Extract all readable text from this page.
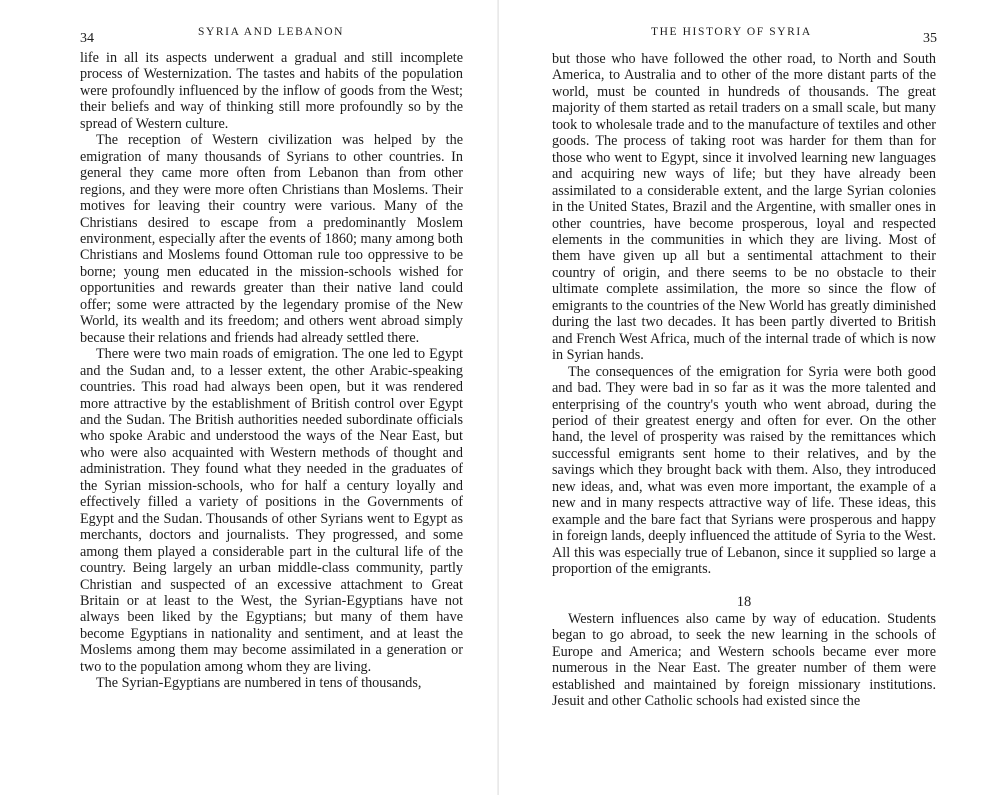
34	SYRIA AND LEBANON

life in all its aspects underwent a gradual and still incomplete process of Westernization. The tastes and habits of the population were profoundly influenced by the inflow of goods from the West; their beliefs and way of thinking still more profoundly so by the spread of Western culture.

The reception of Western civilization was helped by the emigration of many thousands of Syrians to other countries. In general they came more often from Lebanon than from other regions, and they were more often Christians than Moslems. Their motives for leaving their country were various. Many of the Christians desired to escape from a predominantly Moslem environment, especially after the events of 1860; many among both Christians and Moslems found Ottoman rule too oppressive to be borne; young men educated in the mission-schools wished for opportunities and rewards greater than their native land could offer; some were attracted by the legendary promise of the New World, its wealth and its freedom; and others went abroad simply because their relations and friends had already settled there.

There were two main roads of emigration. The one led to Egypt and the Sudan and, to a lesser extent, the other Arabic-speaking countries. This road had always been open, but it was rendered more attractive by the establishment of British control over Egypt and the Sudan. The British authorities needed subordinate officials who spoke Arabic and understood the ways of the Near East, but who were also acquainted with Western methods of thought and administration. They found what they needed in the graduates of the Syrian mission-schools, who for half a century loyally and effectively filled a variety of positions in the Governments of Egypt and the Sudan. Thousands of other Syrians went to Egypt as merchants, doctors and journalists. They progressed, and some among them played a considerable part in the cultural life of the country. Being largely an urban middle-class community, partly Christian and suspected of an excessive attachment to Great Britain or at least to the West, the Syrian-Egyptians have not always been liked by the Egyptians; but many of them have become Egyptians in nationality and sentiment, and at least the Moslems among them may become assimilated in a generation or two to the population among whom they are living.

The Syrian-Egyptians are numbered in tens of thousands,

THE HISTORY OF SYRIA	35

but those who have followed the other road, to North and South America, to Australia and to other of the more distant parts of the world, must be counted in hundreds of thousands. The great majority of them started as retail traders on a small scale, but many took to wholesale trade and to the manufacture of textiles and other goods. The process of taking root was harder for them than for those who went to Egypt, since it involved learning new languages and acquiring new ways of life; but they have already been assimilated to a considerable extent, and the large Syrian colonies in the United States, Brazil and the Argentine, with smaller ones in other countries, have become prosperous, loyal and respected elements in the communities in which they are living. Most of them have given up all but a sentimental attachment to their country of origin, and there seems to be no obstacle to their ultimate complete assimilation, the more so since the flow of emigrants to the countries of the New World has greatly diminished during the last two decades. It has been partly diverted to British and French West Africa, much of the internal trade of which is now in Syrian hands.

The consequences of the emigration for Syria were both good and bad. They were bad in so far as it was the more talented and enterprising of the country's youth who went abroad, during the period of their greatest energy and often for ever. On the other hand, the level of prosperity was raised by the remittances which successful emigrants sent home to their relatives, and by the savings which they brought back with them. Also, they introduced new ideas, and, what was even more important, the example of a new and in many respects attractive way of life. These ideas, this example and the bare fact that Syrians were prosperous and happy in foreign lands, deeply influenced the attitude of Syria to the West. All this was especially true of Lebanon, since it supplied so large a proportion of the emigrants.

18

Western influences also came by way of education. Students began to go abroad, to seek the new learning in the schools of Europe and America; and Western schools became ever more numerous in the Near East. The greater number of them were established and maintained by foreign missionary institutions. Jesuit and other Catholic schools had existed since the
